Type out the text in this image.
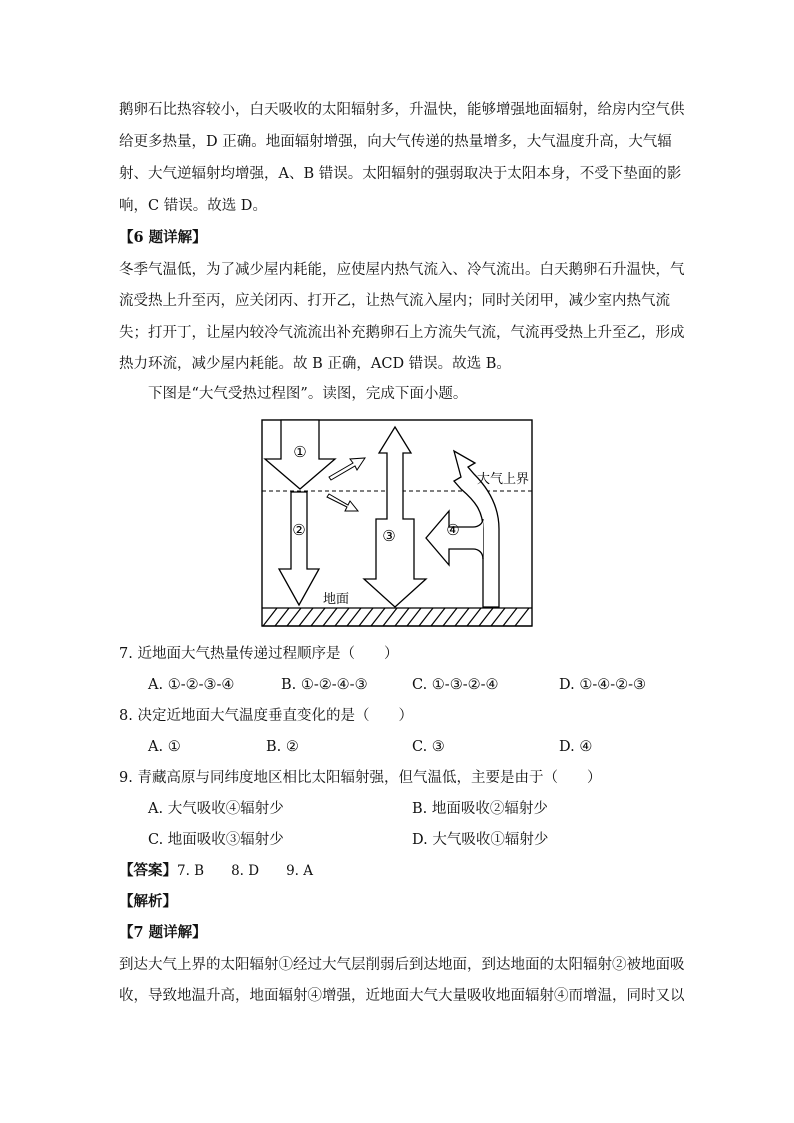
鹅卵石比热容较小，白天吸收的太阳辐射多，升温快，能够增强地面辐射，给房内空气供
给更多热量，D 正确。地面辐射增强，向大气传递的热量增多，大气温度升高，大气辐
射、大气逆辐射均增强，A、B 错误。太阳辐射的强弱取决于太阳本身，不受下垫面的影
响，C 错误。故选 D。
【6 题详解】
冬季气温低，为了减少屋内耗能，应使屋内热气流入、冷气流出。白天鹅卵石升温快，气
流受热上升至丙，应关闭丙、打开乙，让热气流入屋内；同时关闭甲，减少室内热气流
失；打开丁，让屋内较冷气流流出补充鹅卵石上方流失气流，气流再受热上升至乙，形成
热力环流，减少屋内耗能。故 B 正确，ACD 错误。故选 B。
下图是“大气受热过程图”。读图，完成下面小题。
①
②	③	④
大气上界
地面
7. 近地面大气热量传递过程顺序是（　　）
A. ①-②-③-④	B. ①-②-④-③	C. ①-③-②-④	D. ①-④-②-③
8. 决定近地面大气温度垂直变化的是（　　）
A. ①	B. ②	C. ③	D. ④
9. 青藏高原与同纬度地区相比太阳辐射强，但气温低，主要是由于（　　）
A. 大气吸收④辐射少	B. 地面吸收②辐射少
C. 地面吸收③辐射少	D. 大气吸收①辐射少
【答案】7. B　　8. D　　9. A
【解析】
【7 题详解】
到达大气上界的太阳辐射①经过大气层削弱后到达地面，到达地面的太阳辐射②被地面吸
收，导致地温升高，地面辐射④增强，近地面大气大量吸收地面辐射④而增温，同时又以
